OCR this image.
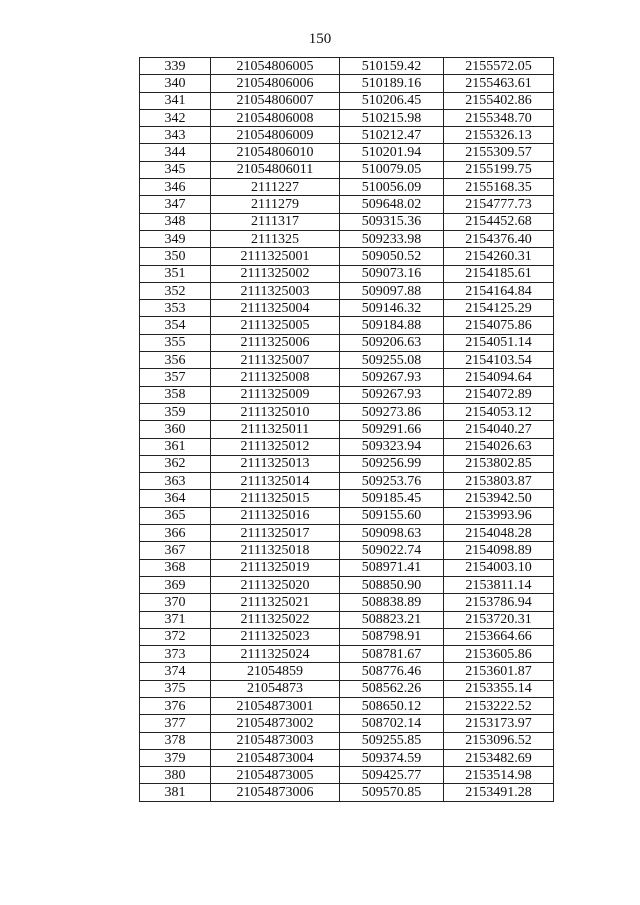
150
339	21054806005	510159.42	2155572.05
340	21054806006	510189.16	2155463.61
341	21054806007	510206.45	2155402.86
342	21054806008	510215.98	2155348.70
343	21054806009	510212.47	2155326.13
344	21054806010	510201.94	2155309.57
345	21054806011	510079.05	2155199.75
346	2111227	510056.09	2155168.35
347	2111279	509648.02	2154777.73
348	2111317	509315.36	2154452.68
349	2111325	509233.98	2154376.40
350	2111325001	509050.52	2154260.31
351	2111325002	509073.16	2154185.61
352	2111325003	509097.88	2154164.84
353	2111325004	509146.32	2154125.29
354	2111325005	509184.88	2154075.86
355	2111325006	509206.63	2154051.14
356	2111325007	509255.08	2154103.54
357	2111325008	509267.93	2154094.64
358	2111325009	509267.93	2154072.89
359	2111325010	509273.86	2154053.12
360	2111325011	509291.66	2154040.27
361	2111325012	509323.94	2154026.63
362	2111325013	509256.99	2153802.85
363	2111325014	509253.76	2153803.87
364	2111325015	509185.45	2153942.50
365	2111325016	509155.60	2153993.96
366	2111325017	509098.63	2154048.28
367	2111325018	509022.74	2154098.89
368	2111325019	508971.41	2154003.10
369	2111325020	508850.90	2153811.14
370	2111325021	508838.89	2153786.94
371	2111325022	508823.21	2153720.31
372	2111325023	508798.91	2153664.66
373	2111325024	508781.67	2153605.86
374	21054859	508776.46	2153601.87
375	21054873	508562.26	2153355.14
376	21054873001	508650.12	2153222.52
377	21054873002	508702.14	2153173.97
378	21054873003	509255.85	2153096.52
379	21054873004	509374.59	2153482.69
380	21054873005	509425.77	2153514.98
381	21054873006	509570.85	2153491.28
